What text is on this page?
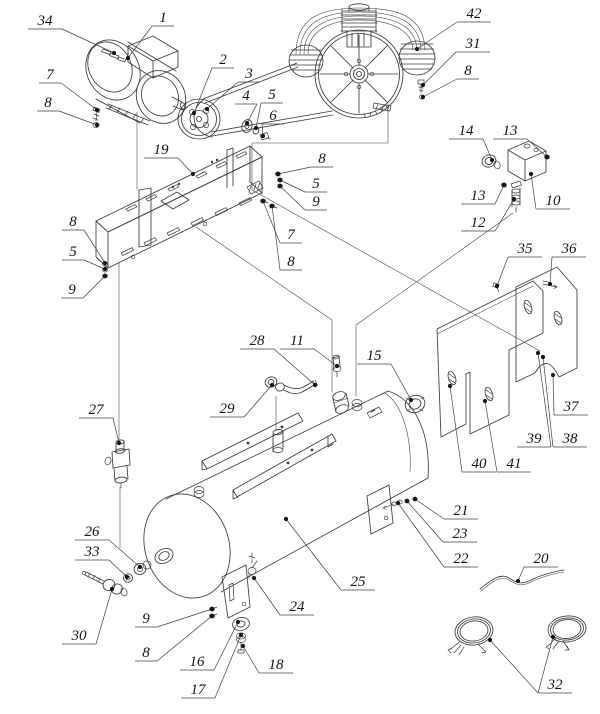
34	1	42
31
8
7
8
2
3
4 5
6
19
14 13
13	10
12
8
5
9
7
8
8
5
9
35 36
28 11
15
29
27	37
39 38
40 41
26
33
30
21
23
22
25
20
9
8
16
17
18
24
32
